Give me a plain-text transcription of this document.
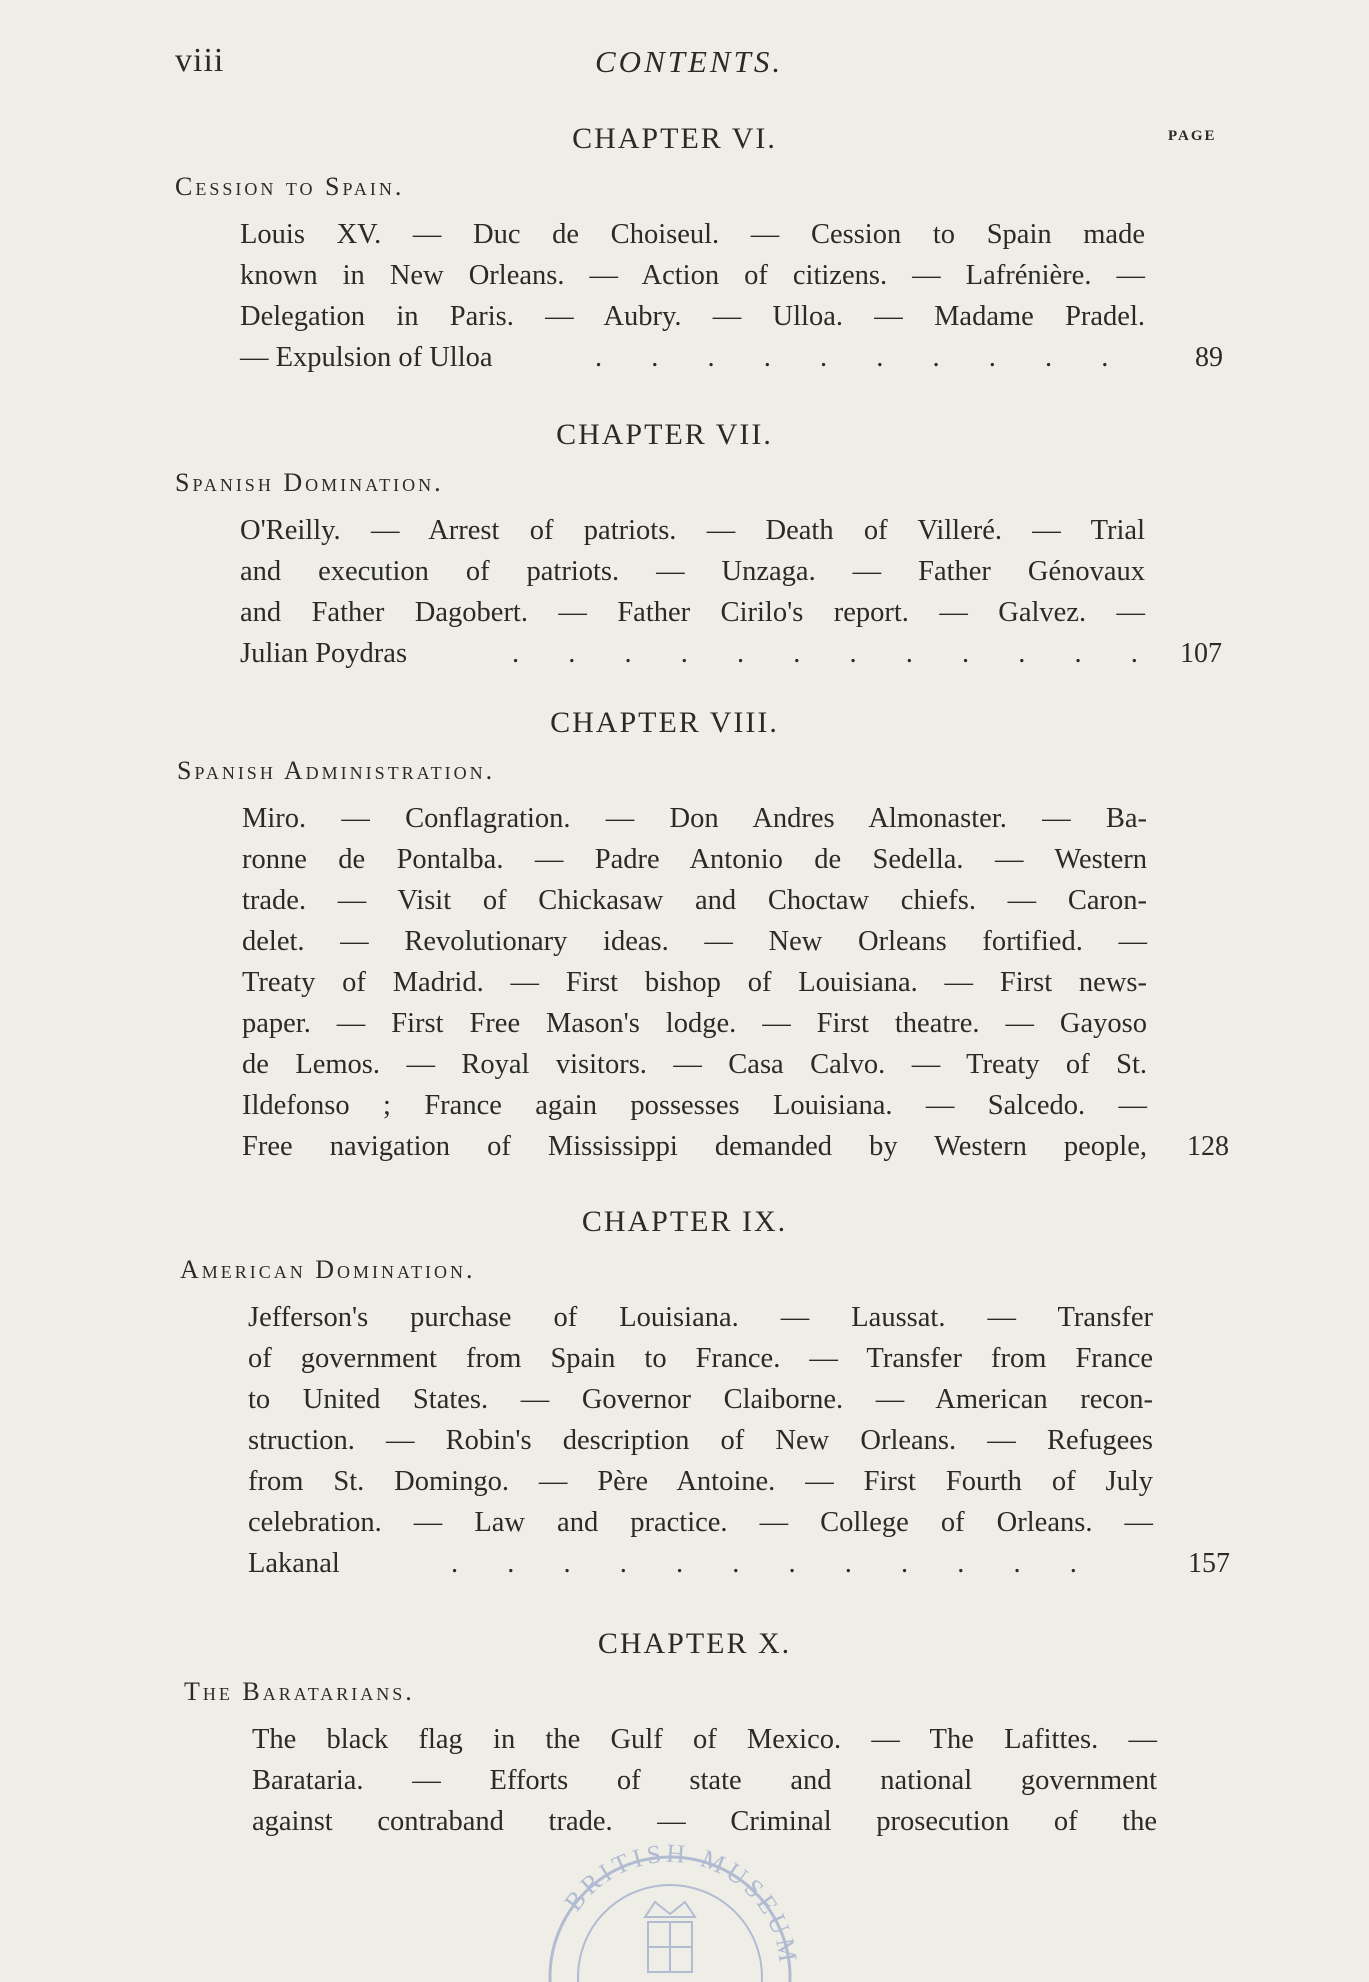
viii	CONTENTS.
PAGE
CHAPTER VI.
Cession to Spain.
Louis XV. — Duc de Choiseul. — Cession to Spain made
known in New Orleans. — Action of citizens. — Lafrénière. —
Delegation in Paris. — Aubry. — Ulloa. — Madame Pradel.
— Expulsion of Ulloa	. . . . . . . . . . 89
CHAPTER VII.
Spanish Domination.
O'Reilly. — Arrest of patriots. — Death of Villeré. — Trial
and execution of patriots. — Unzaga. — Father Génovaux
and Father Dagobert. — Father Cirilo's report. — Galvez. —
Julian Poydras	. . . . . . . . . . . . 107
CHAPTER VIII.
Spanish Administration.
Miro. — Conflagration. — Don Andres Almonaster. — Ba-
ronne de Pontalba. — Padre Antonio de Sedella. — Western
trade. — Visit of Chickasaw and Choctaw chiefs. — Caron-
delet. — Revolutionary ideas. — New Orleans fortified. —
Treaty of Madrid. — First bishop of Louisiana. — First news-
paper. — First Free Mason's lodge. — First theatre. — Gayoso
de Lemos. — Royal visitors. — Casa Calvo. — Treaty of St.
Ildefonso ; France again possesses Louisiana. — Salcedo. —
Free navigation of Mississippi demanded by Western people, 128
CHAPTER IX.
American Domination.
Jefferson's purchase of Louisiana. — Laussat. — Transfer
of government from Spain to France. — Transfer from France
to United States. — Governor Claiborne. — American recon-
struction. — Robin's description of New Orleans. — Refugees
from St. Domingo. — Père Antoine. — First Fourth of July
celebration. — Law and practice. — College of Orleans. —
Lakanal	. . . . . . . . . . . .	157
CHAPTER X.
The Baratarians.
The black flag in the Gulf of Mexico. — The Lafittes. —
Barataria. — Efforts of state and national government
against contraband trade. — Criminal prosecution of the
BRITISH MUSEUM
